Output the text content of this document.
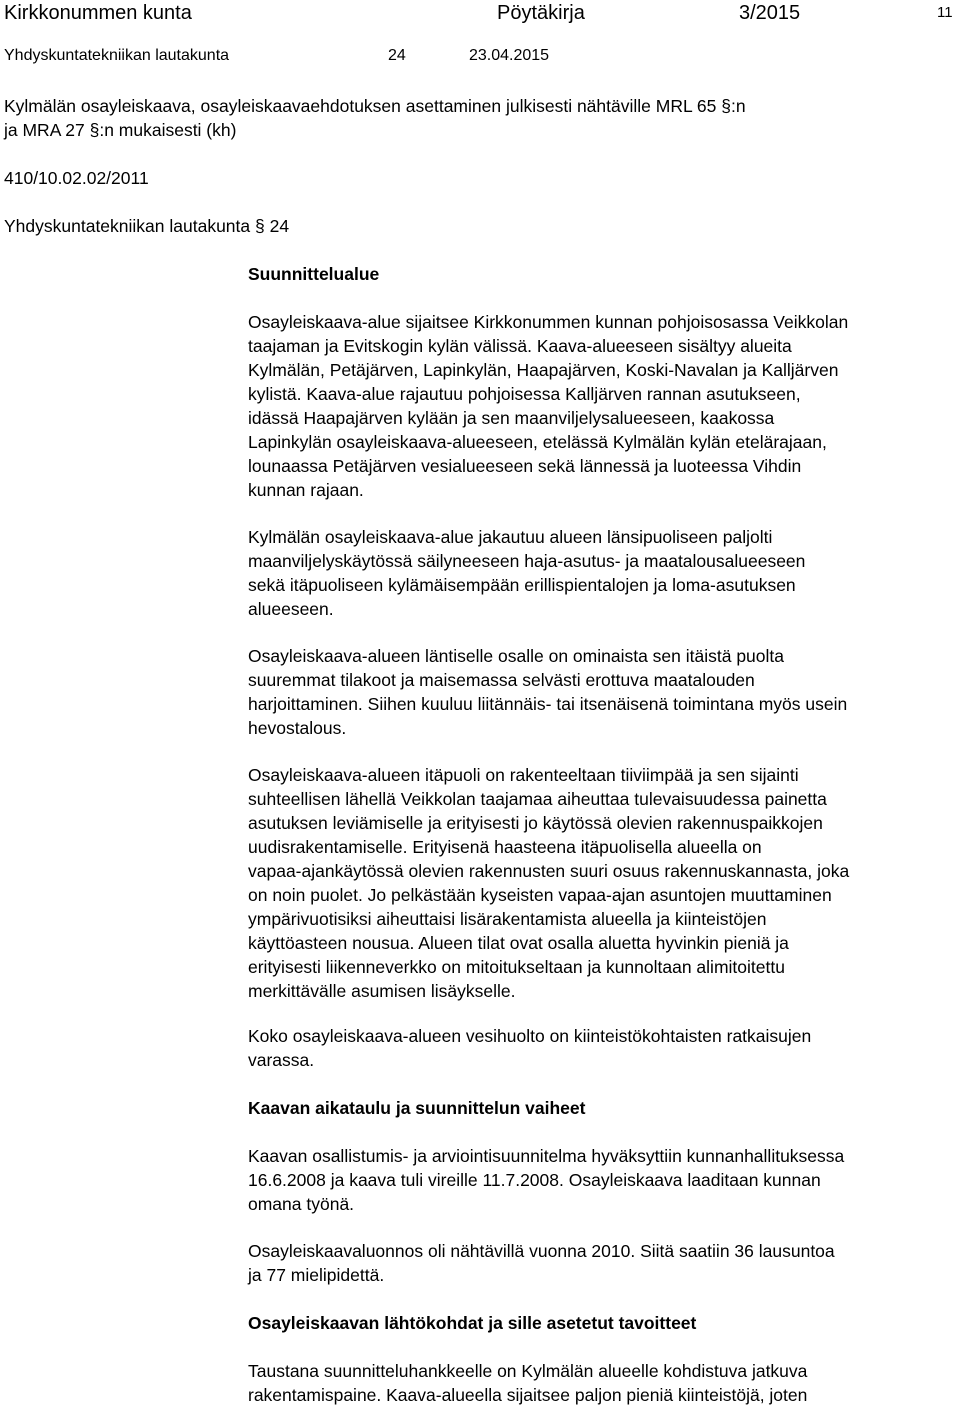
Kirkkonummen kunta	Pöytäkirja	3/2015	11
Yhdyskuntatekniikan lautakunta	24	23.04.2015
Kylmälän osayleiskaava, osayleiskaavaehdotuksen asettaminen julkisesti nähtäville MRL 65 §:n
ja MRA 27 §:n mukaisesti (kh)
410/10.02.02/2011
Yhdyskuntatekniikan lautakunta § 24
Suunnittelualue
Osayleiskaava-alue sijaitsee Kirkkonummen kunnan pohjoisosassa Veikkolan
taajaman ja Evitskogin kylän välissä. Kaava-alueeseen sisältyy alueita
Kylmälän, Petäjärven, Lapinkylän, Haapajärven, Koski-Navalan ja Kalljärven
kylistä. Kaava-alue rajautuu pohjoisessa Kalljärven rannan asutukseen,
idässä Haapajärven kylään ja sen maanviljelysalueeseen, kaakossa
Lapinkylän osayleiskaava-alueeseen, etelässä Kylmälän kylän etelärajaan,
lounaassa Petäjärven vesialueeseen sekä lännessä ja luoteessa Vihdin
kunnan rajaan.
Kylmälän osayleiskaava-alue jakautuu alueen länsipuoliseen paljolti
maanviljelyskäytössä säilyneeseen haja-asutus- ja maatalousalueeseen
sekä itäpuoliseen kylämäisempään erillispientalojen ja loma-asutuksen
alueeseen.
Osayleiskaava-alueen läntiselle osalle on ominaista sen itäistä puolta
suuremmat tilakoot ja maisemassa selvästi erottuva maatalouden
harjoittaminen. Siihen kuuluu liitännäis- tai itsenäisenä toimintana myös usein
hevostalous.
Osayleiskaava-alueen itäpuoli on rakenteeltaan tiiviimpää ja sen sijainti
suhteellisen lähellä Veikkolan taajamaa aiheuttaa tulevaisuudessa painetta
asutuksen leviämiselle ja erityisesti jo käytössä olevien rakennuspaikkojen
uudisrakentamiselle. Erityisenä haasteena itäpuolisella alueella on
vapaa-ajankäytössä olevien rakennusten suuri osuus rakennuskannasta, joka
on noin puolet. Jo pelkästään kyseisten vapaa-ajan asuntojen muuttaminen
ympärivuotisiksi aiheuttaisi lisärakentamista alueella ja kiinteistöjen
käyttöasteen nousua. Alueen tilat ovat osalla aluetta hyvinkin pieniä ja
erityisesti liikenneverkko on mitoitukseltaan ja kunnoltaan alimitoitettu
merkittävälle asumisen lisäykselle.
Koko osayleiskaava-alueen vesihuolto on kiinteistökohtaisten ratkaisujen
varassa.
Kaavan aikataulu ja suunnittelun vaiheet
Kaavan osallistumis- ja arviointisuunnitelma hyväksyttiin kunnanhallituksessa
16.6.2008 ja kaava tuli vireille 11.7.2008. Osayleiskaava laaditaan kunnan
omana työnä.
Osayleiskaavaluonnos oli nähtävillä vuonna 2010. Siitä saatiin 36 lausuntoa
ja 77 mielipidettä.
Osayleiskaavan lähtökohdat ja sille asetetut tavoitteet
Taustana suunnitteluhankkeelle on Kylmälän alueelle kohdistuva jatkuva
rakentamispaine. Kaava-alueella sijaitsee paljon pieniä kiinteistöjä, joten
